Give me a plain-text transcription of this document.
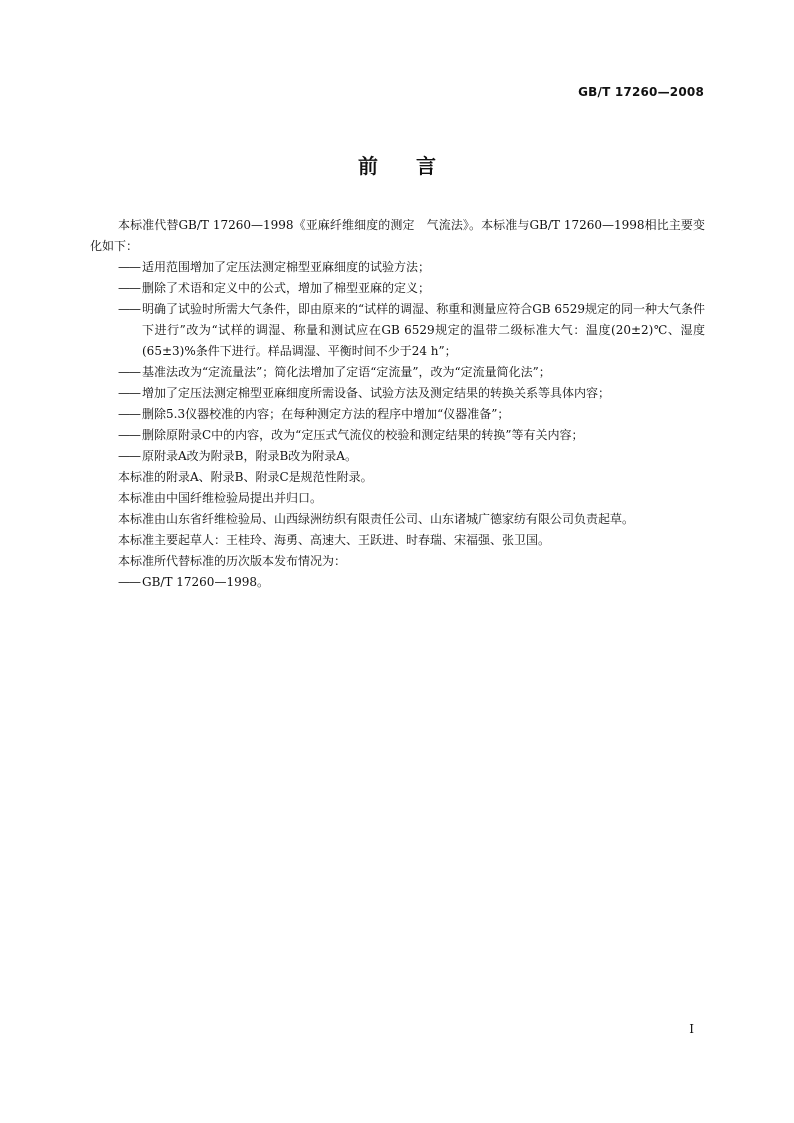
GB/T 17260—2008
前 言

本标准代替GB/T 17260—1998《亚麻纤维细度的测定　气流法》。本标准与GB/T 17260—1998相比主要变化如下：

—— 适用范围增加了定压法测定棉型亚麻细度的试验方法；
—— 删除了术语和定义中的公式，增加了棉型亚麻的定义；
—— 明确了试验时所需大气条件，即由原来的“试样的调湿、称重和测量应符合GB 6529规定的同一种大气条件下进行”改为“试样的调湿、称量和测试应在GB 6529规定的温带二级标准大气：温度(20±2)℃、湿度(65±3)%条件下进行。样品调湿、平衡时间不少于24 h”；
—— 基准法改为“定流量法”；简化法增加了定语“定流量”，改为“定流量简化法”；
—— 增加了定压法测定棉型亚麻细度所需设备、试验方法及测定结果的转换关系等具体内容；
—— 删除5.3仪器校准的内容；在每种测定方法的程序中增加“仪器准备”；
—— 删除原附录C中的内容，改为“定压式气流仪的校验和测定结果的转换”等有关内容；
—— 原附录A改为附录B，附录B改为附录A。

本标准的附录A、附录B、附录C是规范性附录。

本标准由中国纤维检验局提出并归口。

本标准由山东省纤维检验局、山西绿洲纺织有限责任公司、山东诸城广德家纺有限公司负责起草。

本标准主要起草人：王桂玲、海勇、高速大、王跃进、时春瑞、宋福强、张卫国。

本标准所代替标准的历次版本发布情况为：

—— GB/T 17260—1998。
I
